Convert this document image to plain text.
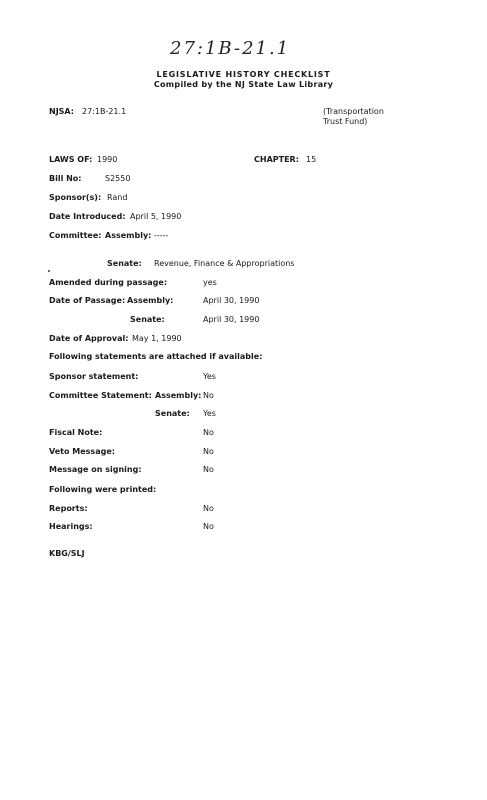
27:1B-21.1
LEGISLATIVE HISTORY CHECKLIST
Compiled by the NJ State Law Library
NJSA: 27:1B-21.1	(Transportation
Trust Fund)
LAWS OF: 1990	CHAPTER: 15
Bill No:	S2550
Sponsor(s): Rand
Date Introduced: April 5, 1990
Committee: Assembly: -----
Senate: Revenue, Finance & Appropriations
Amended during passage:	yes
Date of Passage: Assembly:	April 30, 1990
Senate:	April 30, 1990
Date of Approval: May 1, 1990
Following statements are attached if available:
Sponsor statement:	Yes
Committee Statement: Assembly: No
Senate: Yes
Fiscal Note:	No
Veto Message:	No
Message on signing:	No
Following were printed:
Reports:	No
Hearings:	No
KBG/SLJ
